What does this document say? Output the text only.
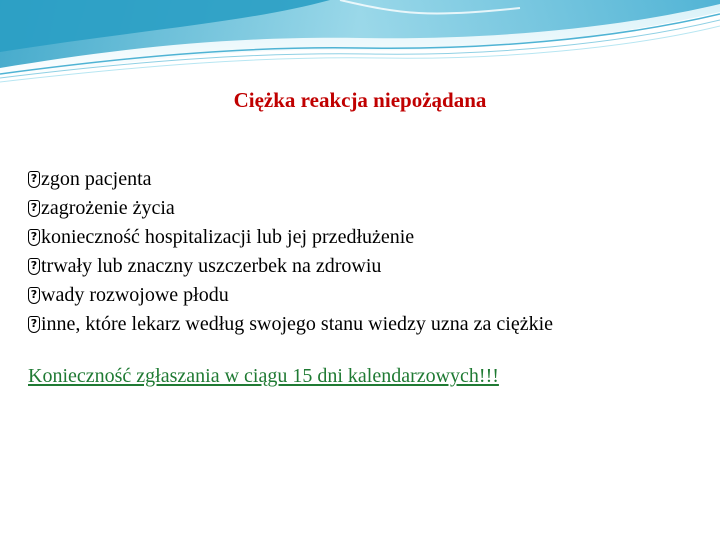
Ciężka reakcja niepożądana
? zgon pacjenta
? zagrożenie życia
? konieczność hospitalizacji lub jej przedłużenie
? trwały lub znaczny uszczerbek na zdrowiu
? wady rozwojowe płodu
? inne, które lekarz według swojego stanu wiedzy uzna za ciężkie

Konieczność zgłaszania w ciągu 15 dni kalendarzowych!!!
